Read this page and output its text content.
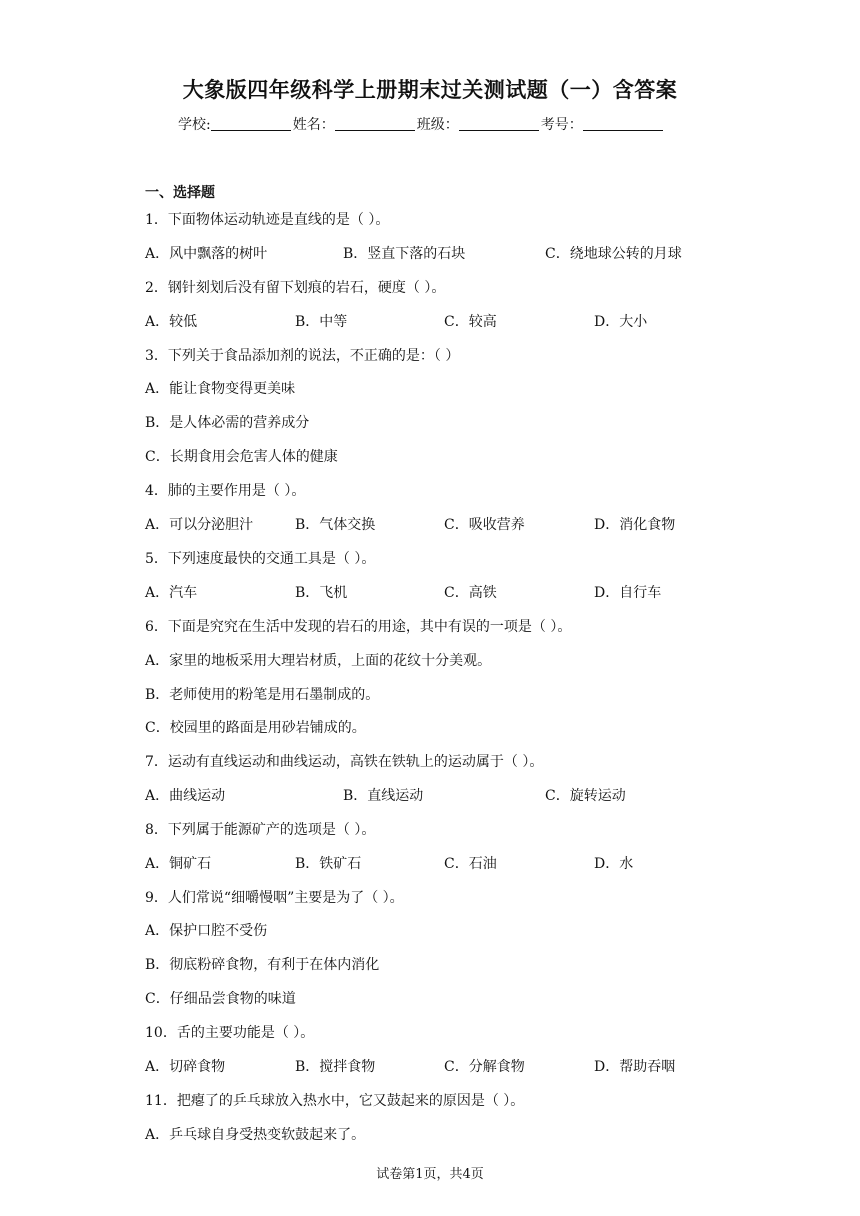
大象版四年级科学上册期末过关测试题（一）含答案
学校:	姓名：	班级：	考号：
一、选择题
1．下面物体运动轨迹是直线的是（ ）。
A．风中飘落的树叶	B．竖直下落的石块	C．绕地球公转的月球
2．钢针刻划后没有留下划痕的岩石，硬度（ ）。
A．较低	B．中等	C．较高	D．大小
3．下列关于食品添加剂的说法，不正确的是：（ ）
A．能让食物变得更美味
B．是人体必需的营养成分
C．长期食用会危害人体的健康
4．肺的主要作用是（ ）。
A．可以分泌胆汁	B．气体交换	C．吸收营养	D．消化食物
5．下列速度最快的交通工具是（ ）。
A．汽车	B．飞机	C．高铁	D．自行车
6．下面是究究在生活中发现的岩石的用途，其中有误的一项是（ ）。
A．家里的地板采用大理岩材质，上面的花纹十分美观。
B．老师使用的粉笔是用石墨制成的。
C．校园里的路面是用砂岩铺成的。
7．运动有直线运动和曲线运动，高铁在铁轨上的运动属于（ ）。
A．曲线运动	B．直线运动	C．旋转运动
8．下列属于能源矿产的选项是（ ）。
A．铜矿石	B．铁矿石	C．石油	D．水
9．人们常说“细嚼慢咽”主要是为了（ ）。
A．保护口腔不受伤
B．彻底粉碎食物，有利于在体内消化
C．仔细品尝食物的味道
10．舌的主要功能是（ ）。
A．切碎食物	B．搅拌食物	C．分解食物	D．帮助吞咽
11．把瘪了的乒乓球放入热水中，它又鼓起来的原因是（ ）。
A．乒乓球自身受热变软鼓起来了。
试卷第1页，共4页
